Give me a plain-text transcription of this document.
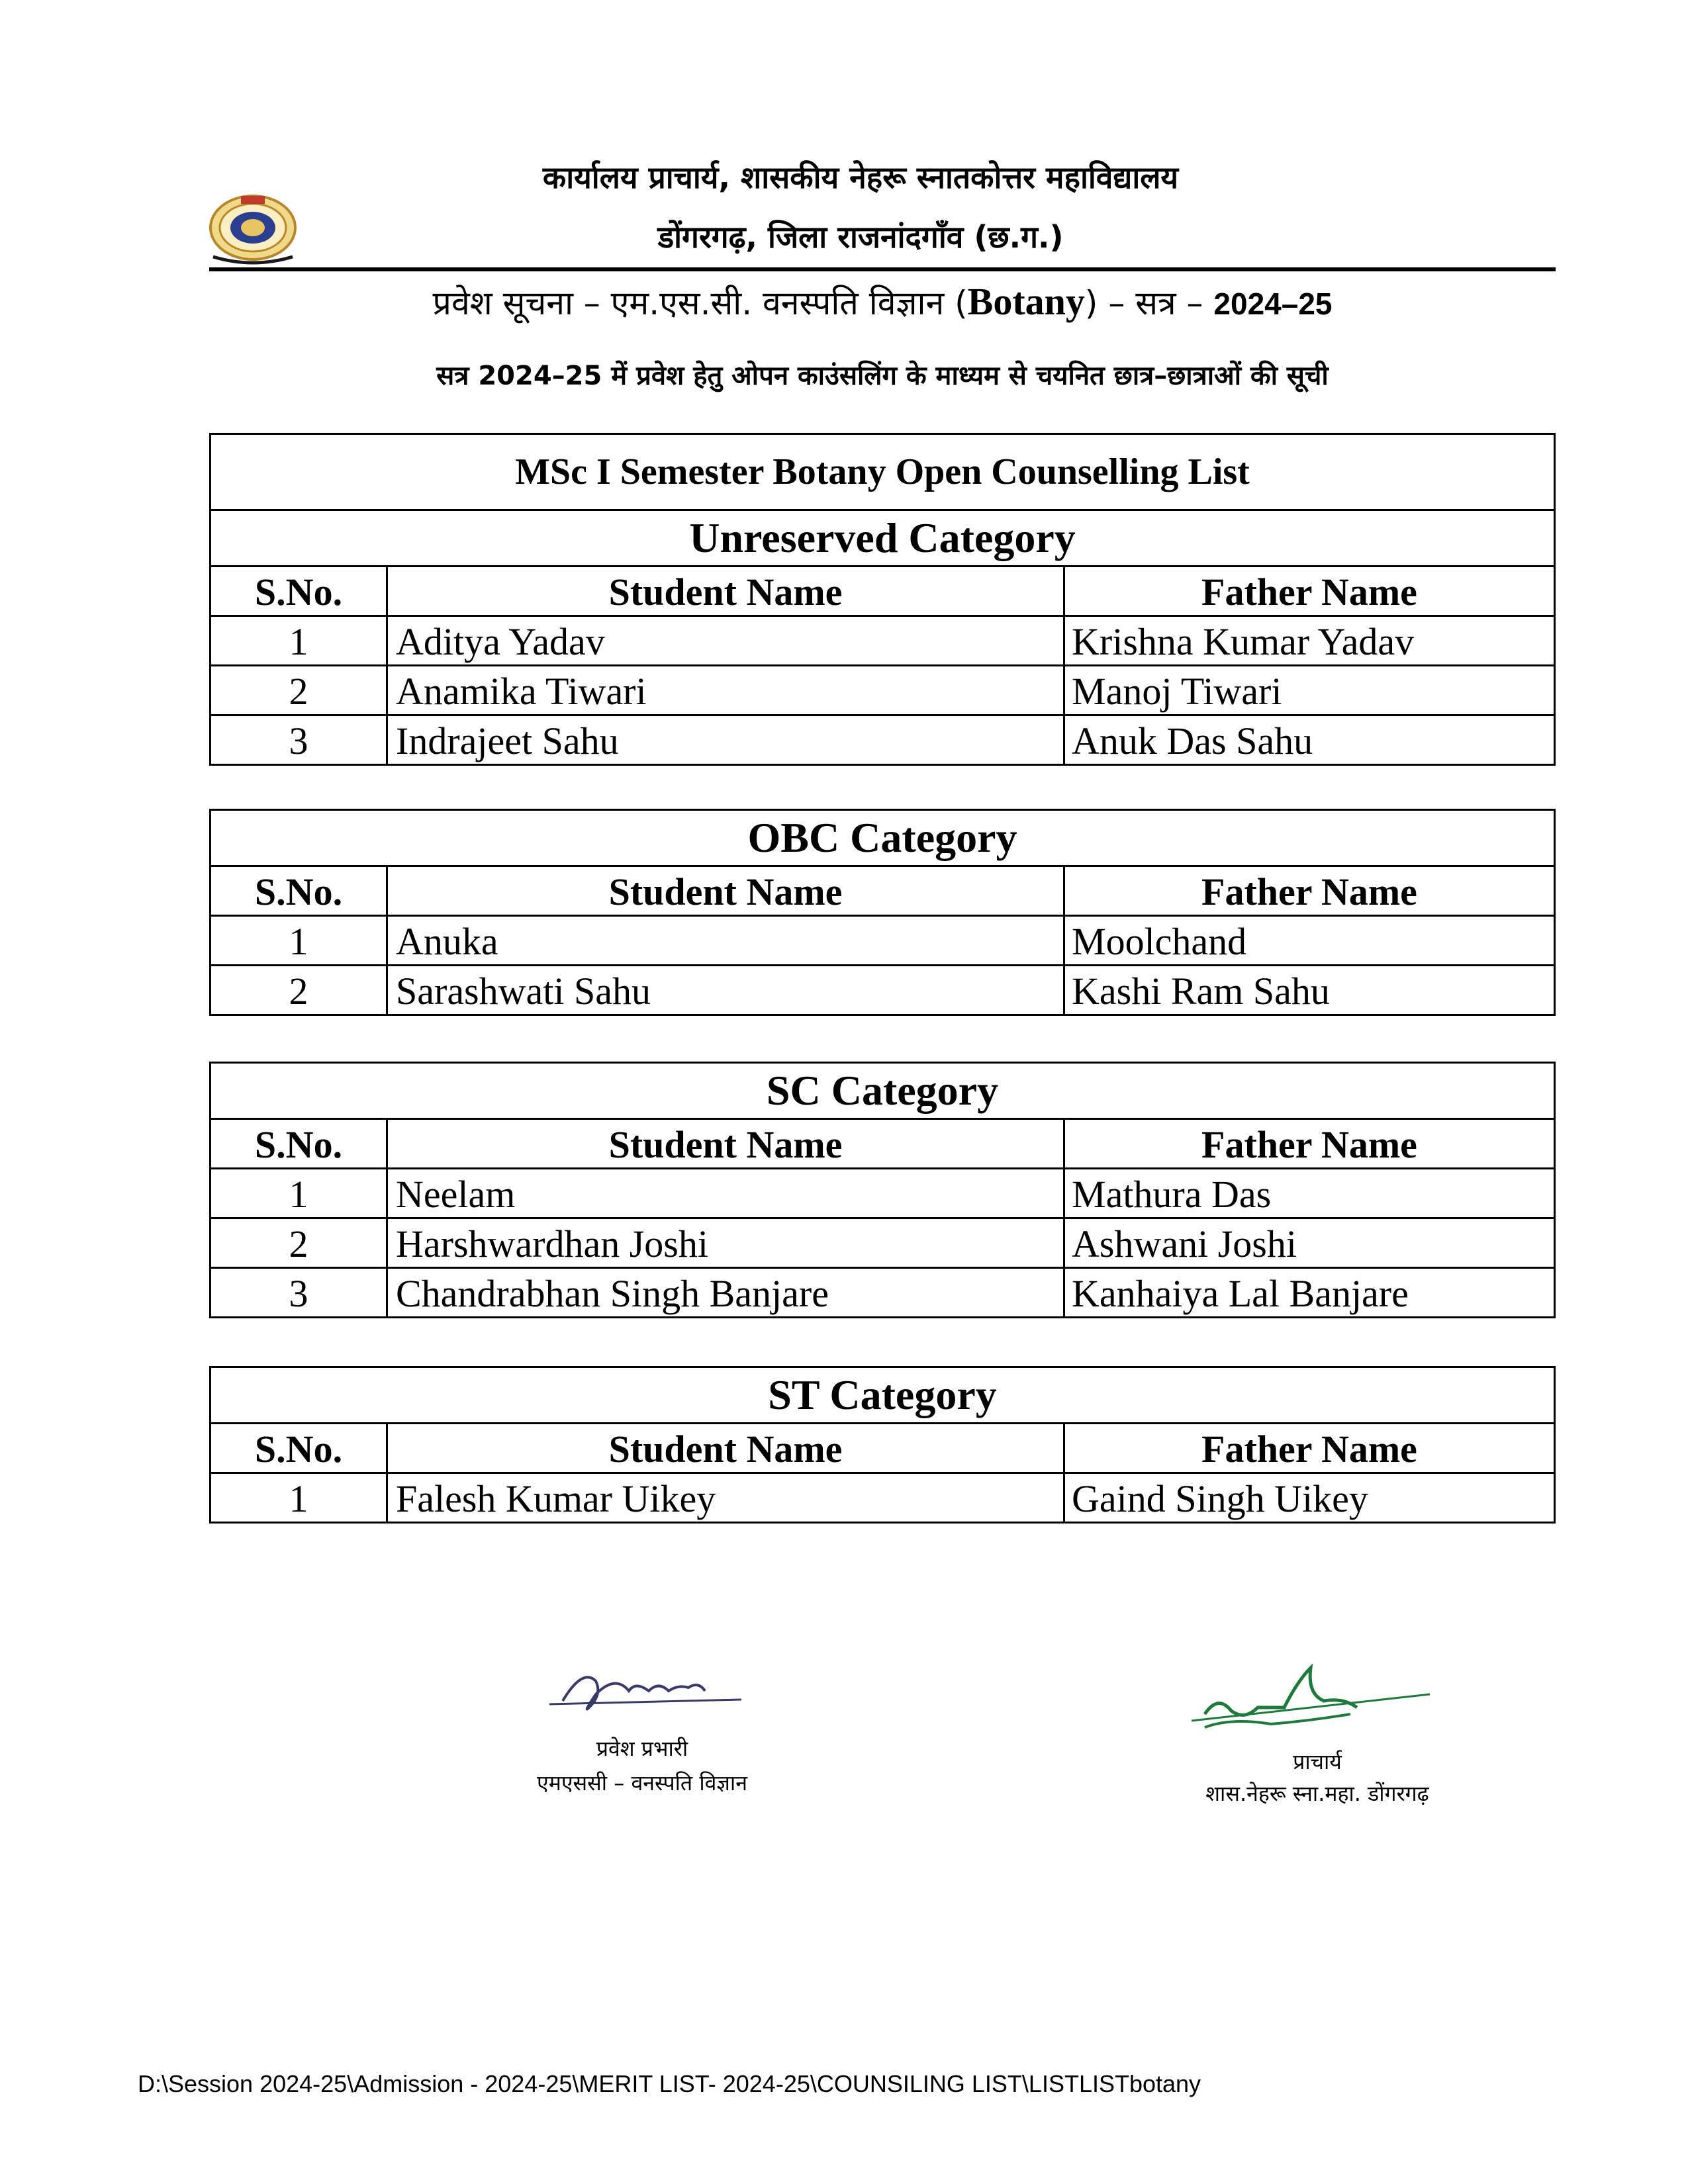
कार्यालय प्राचार्य, शासकीय नेहरू स्नातकोत्तर महाविद्यालय
डोंगरगढ़, जिला राजनांदगाँव (छ.ग.)
प्रवेश सूचना – एम.एस.सी. वनस्पति विज्ञान (Botany) – सत्र – 2024–25
सत्र 2024–25 में प्रवेश हेतु ओपन काउंसलिंग के माध्यम से चयनित छात्र–छात्राओं की सूची
MSc I Semester Botany Open Counselling List
Unreserved Category
S.No.	Student Name	Father Name
1	Aditya Yadav	Krishna Kumar Yadav
2	Anamika Tiwari	Manoj Tiwari
3	Indrajeet Sahu	Anuk Das Sahu
OBC Category
S.No.	Student Name	Father Name
1	Anuka	Moolchand
2	Sarashwati Sahu	Kashi Ram Sahu
SC Category
S.No.	Student Name	Father Name
1	Neelam	Mathura Das
2	Harshwardhan Joshi	Ashwani Joshi
3	Chandrabhan Singh Banjare	Kanhaiya Lal Banjare
ST Category
S.No.	Student Name	Father Name
1	Falesh Kumar Uikey	Gaind Singh Uikey
प्रवेश प्रभारी
एमएससी – वनस्पति विज्ञान
प्राचार्य
शास.नेहरू स्ना.महा. डोंगरगढ़
D:\Session 2024-25\Admission - 2024-25\MERIT LIST- 2024-25\COUNSILING LIST\LISTLISTbotany
